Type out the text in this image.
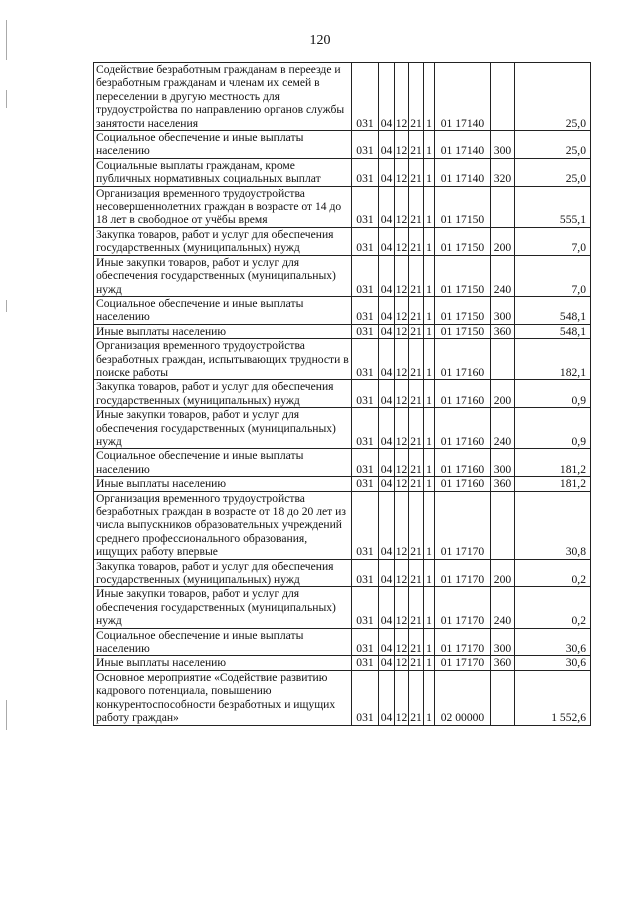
120
Содействие безработным гражданам в переезде и безработным гражданам и членам их семей в переселении в другую местность для трудоустройства по направлению органов службы занятости населения	031	04	12	21	1	01 17140		25,0
Социальное обеспечение и иные выплаты населению	031	04	12	21	1	01 17140	300	25,0
Социальные выплаты гражданам, кроме публичных нормативных социальных выплат	031	04	12	21	1	01 17140	320	25,0
Организация временного трудоустройства несовершеннолетних граждан в возрасте от 14 до 18 лет в свободное от учёбы время	031	04	12	21	1	01 17150		555,1
Закупка товаров, работ и услуг для обеспечения государственных (муниципальных) нужд	031	04	12	21	1	01 17150	200	7,0
Иные закупки товаров, работ и услуг для обеспечения государственных (муниципальных) нужд	031	04	12	21	1	01 17150	240	7,0
Социальное обеспечение и иные выплаты населению	031	04	12	21	1	01 17150	300	548,1
Иные выплаты населению	031	04	12	21	1	01 17150	360	548,1
Организация временного трудоустройства безработных граждан, испытывающих трудности в поиске работы	031	04	12	21	1	01 17160		182,1
Закупка товаров, работ и услуг для обеспечения государственных (муниципальных) нужд	031	04	12	21	1	01 17160	200	0,9
Иные закупки товаров, работ и услуг для обеспечения государственных (муниципальных) нужд	031	04	12	21	1	01 17160	240	0,9
Социальное обеспечение и иные выплаты населению	031	04	12	21	1	01 17160	300	181,2
Иные выплаты населению	031	04	12	21	1	01 17160	360	181,2
Организация временного трудоустройства безработных граждан в возрасте от 18 до 20 лет из числа выпускников образовательных учреждений среднего профессионального образования, ищущих работу впервые	031	04	12	21	1	01 17170		30,8
Закупка товаров, работ и услуг для обеспечения государственных (муниципальных) нужд	031	04	12	21	1	01 17170	200	0,2
Иные закупки товаров, работ и услуг для обеспечения государственных (муниципальных) нужд	031	04	12	21	1	01 17170	240	0,2
Социальное обеспечение и иные выплаты населению	031	04	12	21	1	01 17170	300	30,6
Иные выплаты населению	031	04	12	21	1	01 17170	360	30,6
Основное мероприятие «Содействие развитию кадрового потенциала, повышению конкурентоспособности безработных и ищущих работу граждан»	031	04	12	21	1	02 00000		1 552,6
